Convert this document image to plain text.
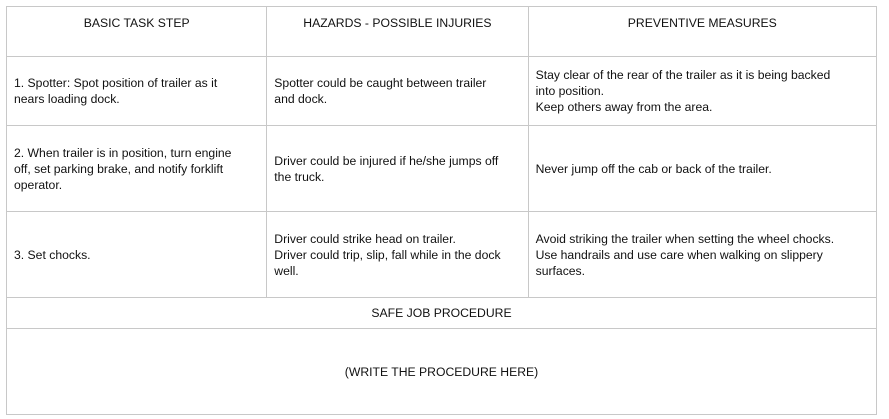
BASIC TASK STEP	HAZARDS - POSSIBLE INJURIES	PREVENTIVE MEASURES

1. Spotter: Spot position of trailer as it
nears loading dock.	Spotter could be caught between trailer
and dock.	Stay clear of the rear of the trailer as it is being backed
into position.
Keep others away from the area.

2. When trailer is in position, turn engine
off, set parking brake, and notify forklift
operator.	Driver could be injured if he/she jumps off
the truck.	Never jump off the cab or back of the trailer.

3. Set chocks.	Driver could strike head on trailer.
Driver could trip, slip, fall while in the dock
well.	Avoid striking the trailer when setting the wheel chocks.
Use handrails and use care when walking on slippery
surfaces.

SAFE JOB PROCEDURE		
(WRITE THE PROCEDURE HERE)		
